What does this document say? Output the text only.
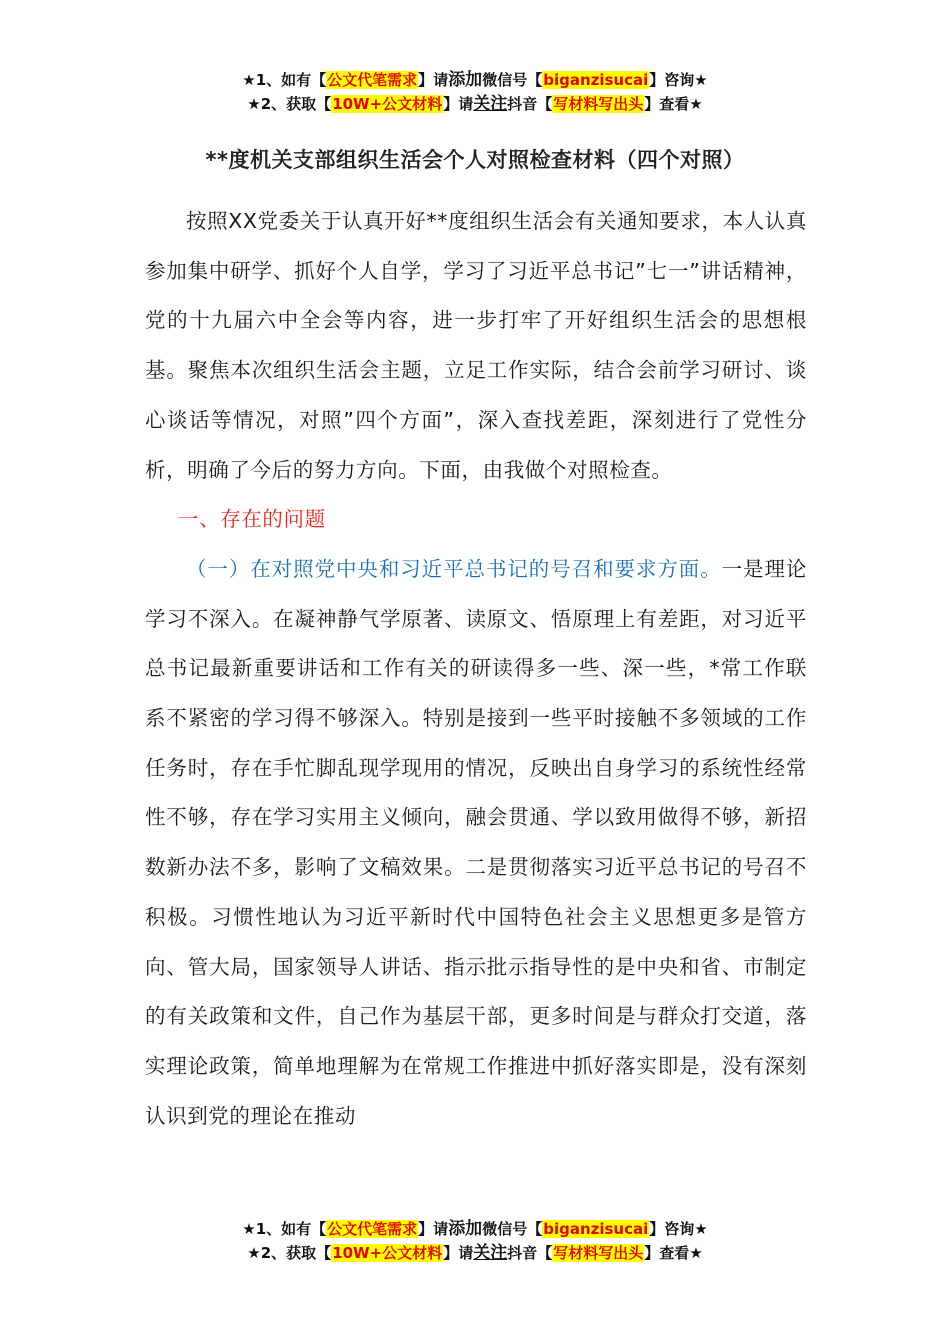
★1、如有【公文代笔需求】请添加微信号【biganzisucai】咨询★
★2、获取【10W+公文材料】请关注抖音【写材料写出头】查看★
**度机关支部组织生活会个人对照检查材料（四个对照）

按照XX党委关于认真开好**度组织生活会有关通知要求，本人认真参加集中研学、抓好个人自学，学习了习近平总书记”七一”讲话精神，党的十九届六中全会等内容，进一步打牢了开好组织生活会的思想根基。聚焦本次组织生活会主题，立足工作实际，结合会前学习研讨、谈心谈话等情况，对照”四个方面”，深入查找差距，深刻进行了党性分析，明确了今后的努力方向。下面，由我做个对照检查。

一、存在的问题

（一）在对照党中央和习近平总书记的号召和要求方面。一是理论学习不深入。在凝神静气学原著、读原文、悟原理上有差距，对习近平总书记最新重要讲话和工作有关的研读得多一些、深一些，*常工作联系不紧密的学习得不够深入。特别是接到一些平时接触不多领域的工作任务时，存在手忙脚乱现学现用的情况，反映出自身学习的系统性经常性不够，存在学习实用主义倾向，融会贯通、学以致用做得不够，新招数新办法不多，影响了文稿效果。二是贯彻落实习近平总书记的号召不积极。习惯性地认为习近平新时代中国特色社会主义思想更多是管方向、管大局，国家领导人讲话、指示批示指导性的是中央和省、市制定的有关政策和文件，自己作为基层干部，更多时间是与群众打交道，落实理论政策，简单地理解为在常规工作推进中抓好落实即是，没有深刻认识到党的理论在推动

★1、如有【公文代笔需求】请添加微信号【biganzisucai】咨询★
★2、获取【10W+公文材料】请关注抖音【写材料写出头】查看★
